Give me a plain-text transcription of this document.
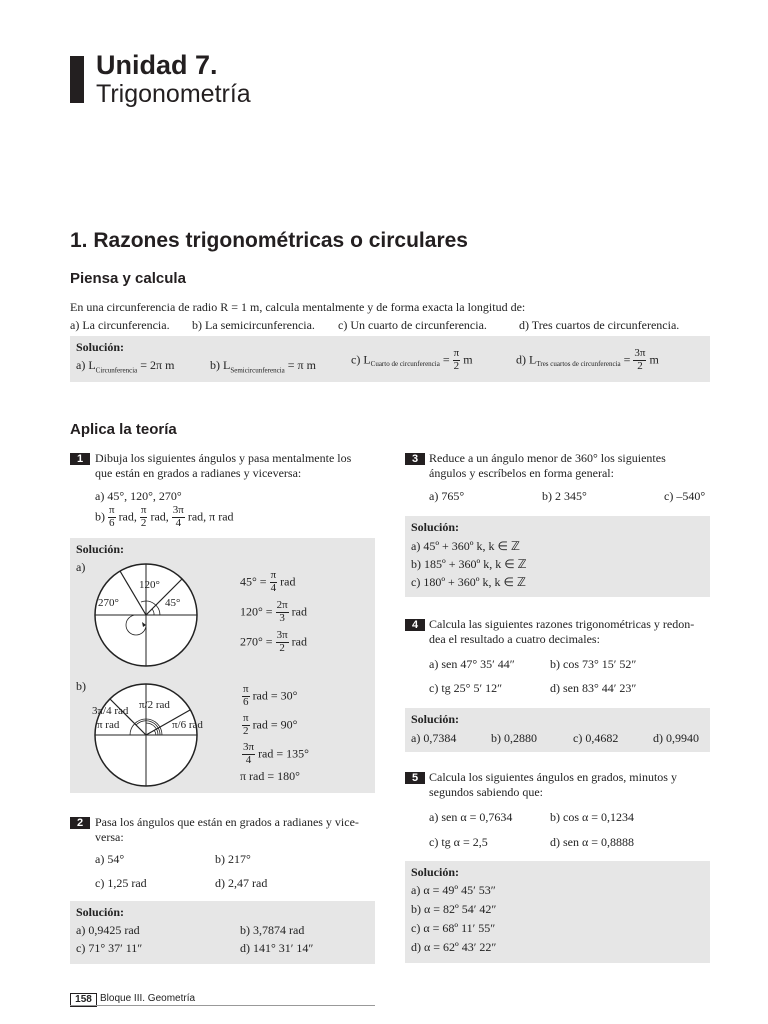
Unidad 7.
Trigonometría
1. Razones trigonométricas o circulares
Piensa y calcula
En una circunferencia de radio R = 1 m, calcula mentalmente y de forma exacta la longitud de:
a) La circunferencia. b) La semicircunferencia. c) Un cuarto de circunferencia.	d) Tres cuartos de circunferencia.
Solución:
a) $L_{Circunferencia} = 2\pi$ m	b) $L_{Semicircunferencia} = \pi$ m	c) $L_{Cuarto de circunferencia} = \frac{\pi}{2}$ m	d) $L_{Tres cuartos de circunferencia} = \frac{3\pi}{2}$ m
Aplica la teoría
1 Dibuja los siguientes ángulos y pasa mentalmente los
que están en grados a radianes y viceversa:
a) 45°, 120°, 270°
$b) \frac{\pi}{6}$ rad, $\frac{\pi}{2}$ rad, $\frac{3\pi}{4}$ rad, π rad
Solución:
a)
120°
270°	45°
$45^\circ = \frac{\pi}{4}$ rad
$120^\circ = \frac{2\pi}{3}$ rad
$270^\circ = \frac{3\pi}{2}$ rad
b)
π/2 rad
3π/4 rad
π rad	π/6 rad
$\frac{\pi}{6}$ rad = 30°
$\frac{\pi}{2}$ rad = 90°
$\frac{3\pi}{4}$ rad = 135°
π rad = 180°
2 Pasa los ángulos que están en grados a radianes y vice-
versa:
a) 54°	b) 217°
c) 1,25 rad	d) 2,47 rad
Solución:
a) 0,9425 rad	b) 3,7874 rad
c) 71° 37′ 11″	d) 141° 31′ 14″
3 Reduce a un ángulo menor de 360° los siguientes
ángulos y escríbelos en forma general:
a) 765°	b) 2 345°	c) –540°
Solución:
a) 45º + 360º k, k ∈ ℤ
b) 185º + 360º k, k ∈ ℤ
c) 180º + 360º k, k ∈ ℤ
4 Calcula las siguientes razones trigonométricas y redon-
dea el resultado a cuatro decimales:
a) sen 47° 35′ 44″	b) cos 73° 15′ 52″
c) tg 25° 5′ 12″	d) sen 83° 44′ 23″
Solución:
a) 0,7384	b) 0,2880	c) 0,4682	d) 0,9940
5 Calcula los siguientes ángulos en grados, minutos y
segundos sabiendo que:
a) sen α = 0,7634	b) cos α = 0,1234
c) tg α = 2,5	d) sen α = 0,8888
Solución:
a) α = 49º 45′ 53″
b) α = 82º 54′ 42″
c) α = 68º 11′ 55″
d) α = 62º 43′ 22″
158 Bloque III. Geometría
